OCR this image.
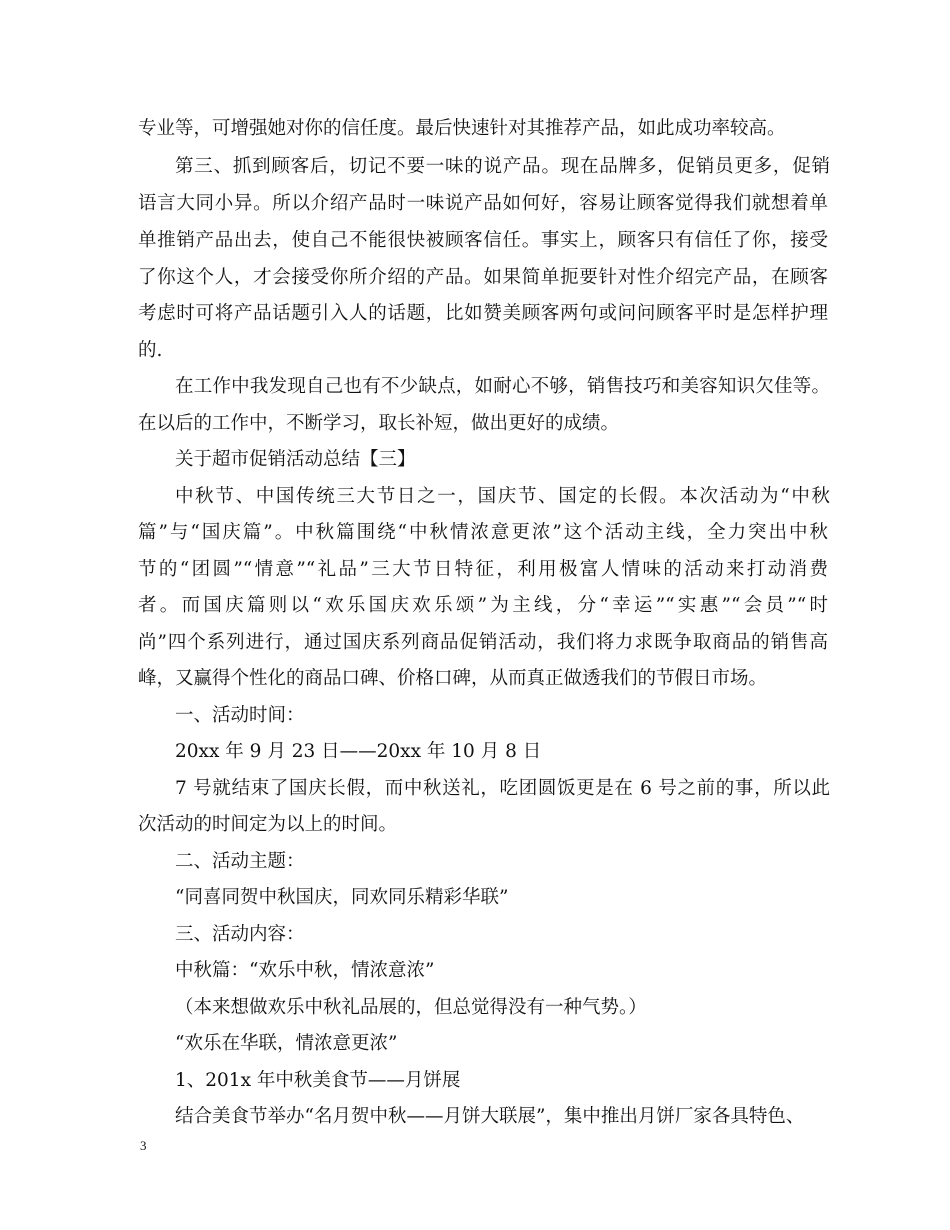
专业等，可增强她对你的信任度。最后快速针对其推荐产品，如此成功率较高。
第三、抓到顾客后，切记不要一味的说产品。现在品牌多，促销员更多，促销
语言大同小异。所以介绍产品时一味说产品如何好，容易让顾客觉得我们就想着单
单推销产品出去，使自己不能很快被顾客信任。事实上，顾客只有信任了你，接受
了你这个人，才会接受你所介绍的产品。如果简单扼要针对性介绍完产品，在顾客
考虑时可将产品话题引入人的话题，比如赞美顾客两句或问问顾客平时是怎样护理
的.
在工作中我发现自己也有不少缺点，如耐心不够，销售技巧和美容知识欠佳等。
在以后的工作中，不断学习，取长补短，做出更好的成绩。
关于超市促销活动总结【三】
中秋节、中国传统三大节日之一，国庆节、国定的长假。本次活动为“中秋
篇”与“国庆篇”。中秋篇围绕“中秋情浓意更浓”这个活动主线，全力突出中秋
节的“团圆”“情意”“礼品”三大节日特征，利用极富人情味的活动来打动消费
者。而国庆篇则以“欢乐国庆欢乐颂”为主线，分“幸运”“实惠”“会员”“时
尚”四个系列进行，通过国庆系列商品促销活动，我们将力求既争取商品的销售高
峰，又赢得个性化的商品口碑、价格口碑，从而真正做透我们的节假日市场。
一、活动时间：
20xx 年 9 月 23 日——20xx 年 10 月 8 日
7 号就结束了国庆长假，而中秋送礼，吃团圆饭更是在 6 号之前的事，所以此
次活动的时间定为以上的时间。
二、活动主题：
“同喜同贺中秋国庆，同欢同乐精彩华联”
三、活动内容：
中秋篇：“欢乐中秋，情浓意浓”
（本来想做欢乐中秋礼品展的，但总觉得没有一种气势。）
“欢乐在华联，情浓意更浓”
1、201x 年中秋美食节——月饼展
结合美食节举办“名月贺中秋——月饼大联展”，集中推出月饼厂家各具特色、
3
